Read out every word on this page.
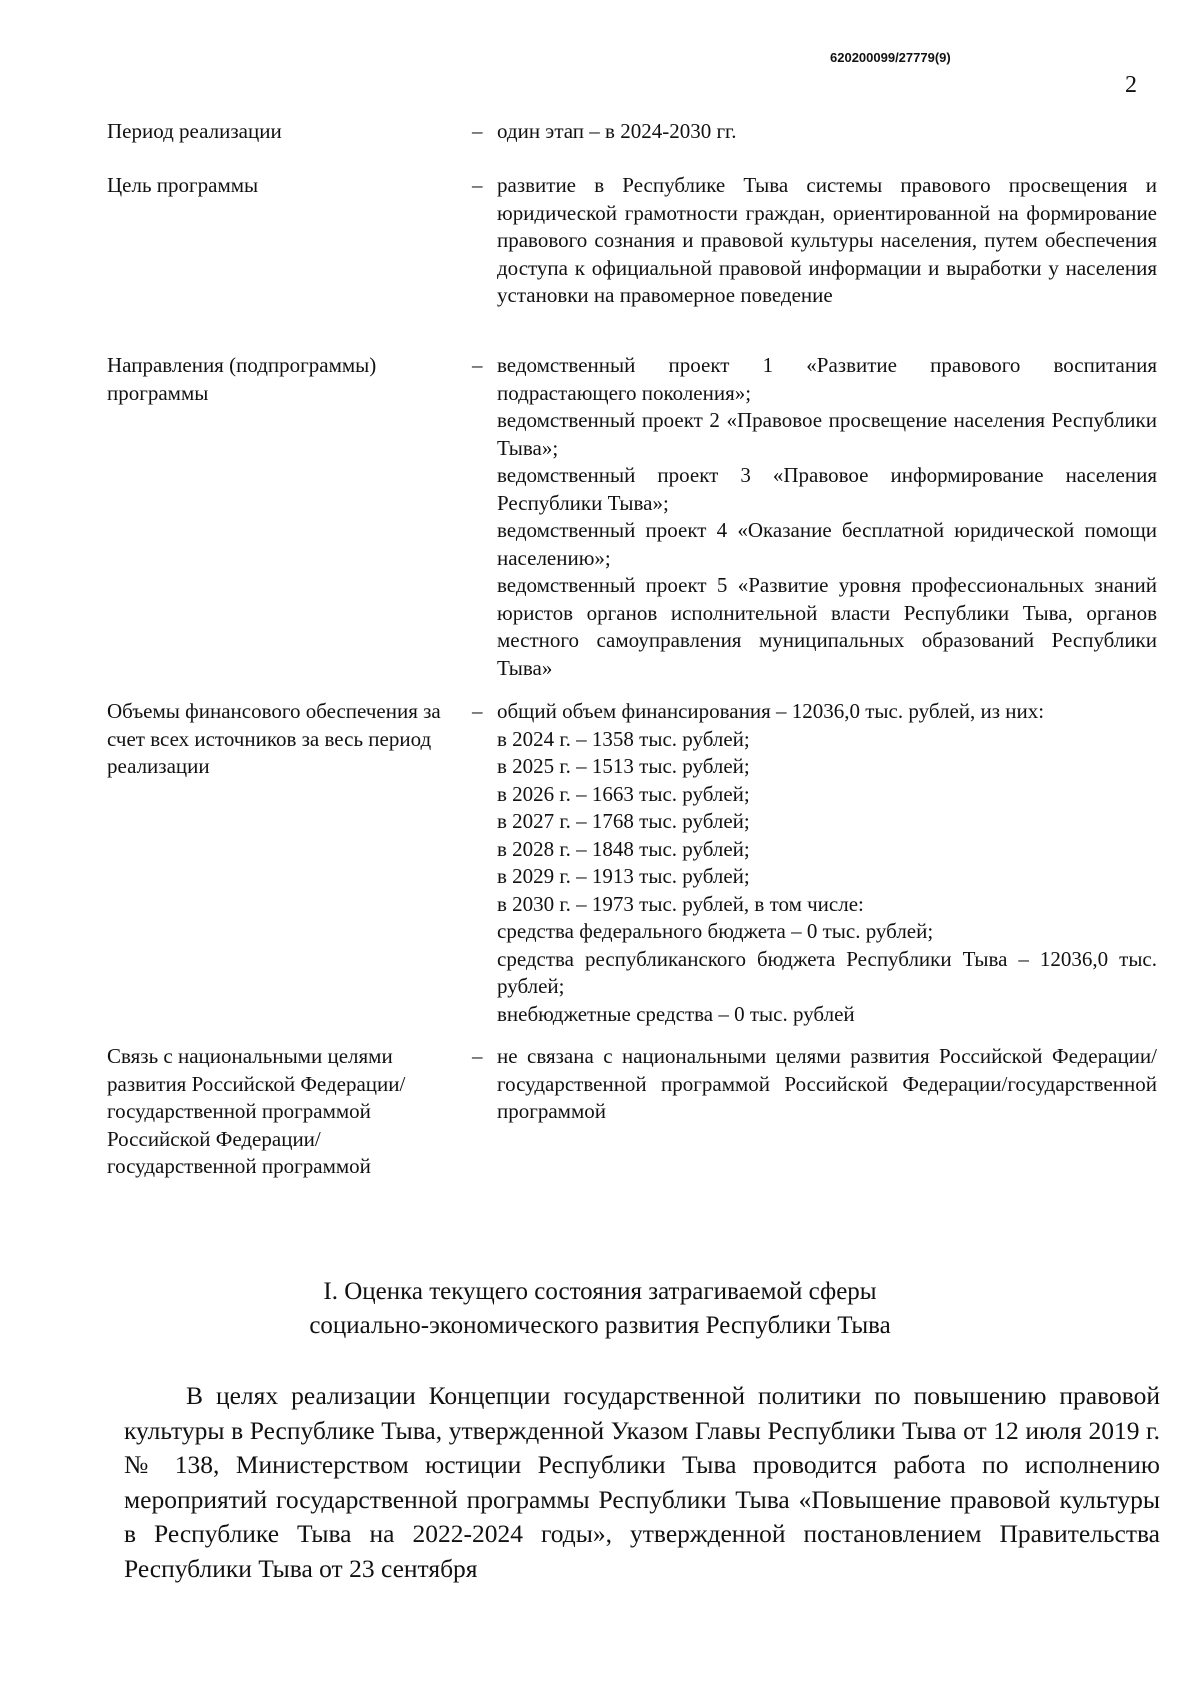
620200099/27779(9)
2
Период реализации	– один этап – в 2024-2030 гг.
Цель программы	– развитие в Республике Тыва системы правового просвещения и юридической грамотности граждан, ориентированной на формирование правового сознания и правовой культуры населения, путем обеспечения доступа к официальной правовой информации и выработки у населения установки на правомерное поведение
Направления (подпрограммы) программы
– ведомственный проект 1 «Развитие правового воспитания подрастающего поколения»;
ведомственный проект 2 «Правовое просвещение населения Республики Тыва»;
ведомственный проект 3 «Правовое информирование населения Республики Тыва»;
ведомственный проект 4 «Оказание бесплатной юридической помощи населению»;
ведомственный проект 5 «Развитие уровня профессиональных знаний юристов органов исполнительной власти Республики Тыва, органов местного самоуправления муниципальных образований Республики Тыва»
Объемы финансового обеспечения за счет всех источников за весь период реализации
– общий объем финансирования – 12036,0 тыс. рублей, из них:
в 2024 г. – 1358 тыс. рублей;
в 2025 г. – 1513 тыс. рублей;
в 2026 г. – 1663 тыс. рублей;
в 2027 г. – 1768 тыс. рублей;
в 2028 г. – 1848 тыс. рублей;
в 2029 г. – 1913 тыс. рублей;
в 2030 г. – 1973 тыс. рублей, в том числе:
средства федерального бюджета – 0 тыс. рублей;
средства республиканского бюджета Республики Тыва – 12036,0 тыс. рублей;
внебюджетные средства – 0 тыс. рублей
Связь с национальными целями развития Российской Федерации/государственной программой Российской Федерации/государственной программой
– не связана с национальными целями развития Российской Федерации/государственной программой Российской Федерации/государственной программой
I. Оценка текущего состояния затрагиваемой сферы
социально-экономического развития Республики Тыва
В целях реализации Концепции государственной политики по повышению правовой культуры в Республике Тыва, утвержденной Указом Главы Республики Тыва от 12 июля 2019 г. № 138, Министерством юстиции Республики Тыва проводится работа по исполнению мероприятий государственной программы Республики Тыва «Повышение правовой культуры в Республике Тыва на 2022-2024 годы», утвержденной постановлением Правительства Республики Тыва от 23 сентября
